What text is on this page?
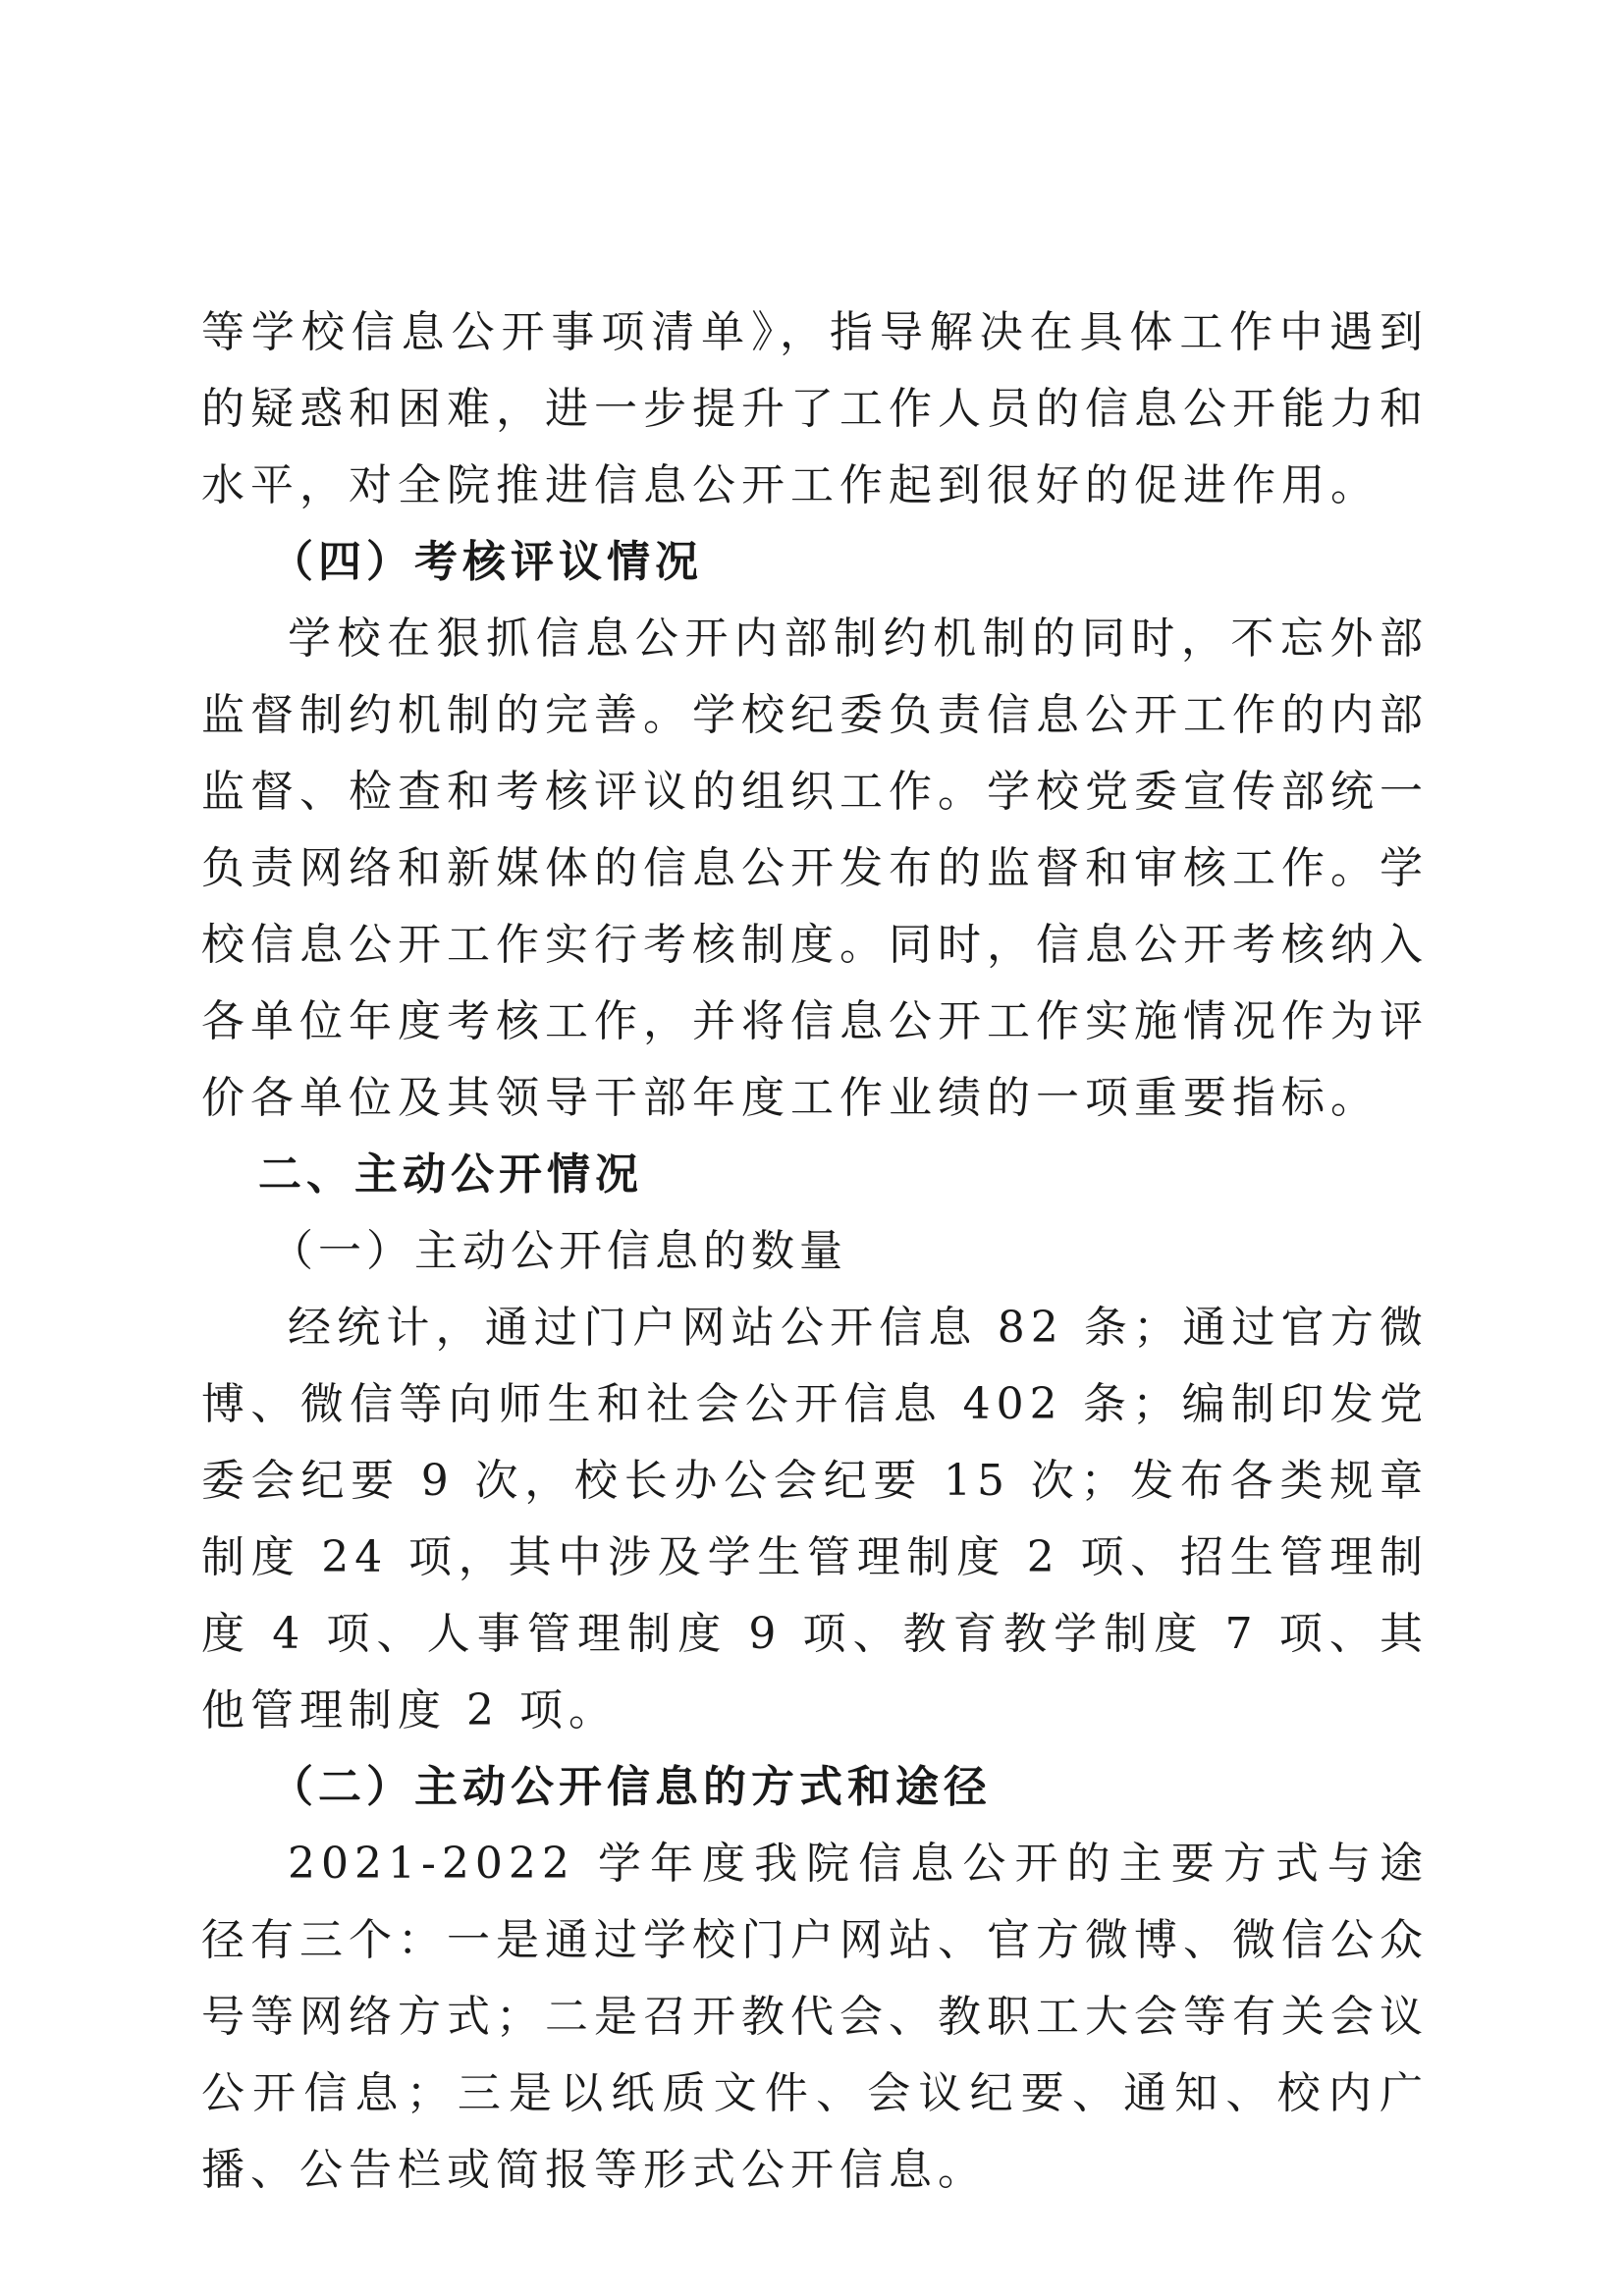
等学校信息公开事项清单》，指导解决在具体工作中遇到的疑惑和困难，进一步提升了工作人员的信息公开能力和水平，对全院推进信息公开工作起到很好的促进作用。

（四）考核评议情况

学校在狠抓信息公开内部制约机制的同时，不忘外部监督制约机制的完善。学校纪委负责信息公开工作的内部监督、检查和考核评议的组织工作。学校党委宣传部统一负责网络和新媒体的信息公开发布的监督和审核工作。学校信息公开工作实行考核制度。同时，信息公开考核纳入各单位年度考核工作，并将信息公开工作实施情况作为评价各单位及其领导干部年度工作业绩的一项重要指标。

二、主动公开情况

（一）主动公开信息的数量

经统计，通过门户网站公开信息 82 条；通过官方微博、微信等向师生和社会公开信息 402 条；编制印发党委会纪要 9 次，校长办公会纪要 15 次；发布各类规章制度 24 项，其中涉及学生管理制度 2 项、招生管理制度 4 项、人事管理制度 9 项、教育教学制度 7 项、其他管理制度 2 项。

（二）主动公开信息的方式和途径

2021-2022 学年度我院信息公开的主要方式与途径有三个：一是通过学校门户网站、官方微博、微信公众号等网络方式；二是召开教代会、教职工大会等有关会议公开信息；三是以纸质文件、会议纪要、通知、校内广播、公告栏或简报等形式公开信息。
